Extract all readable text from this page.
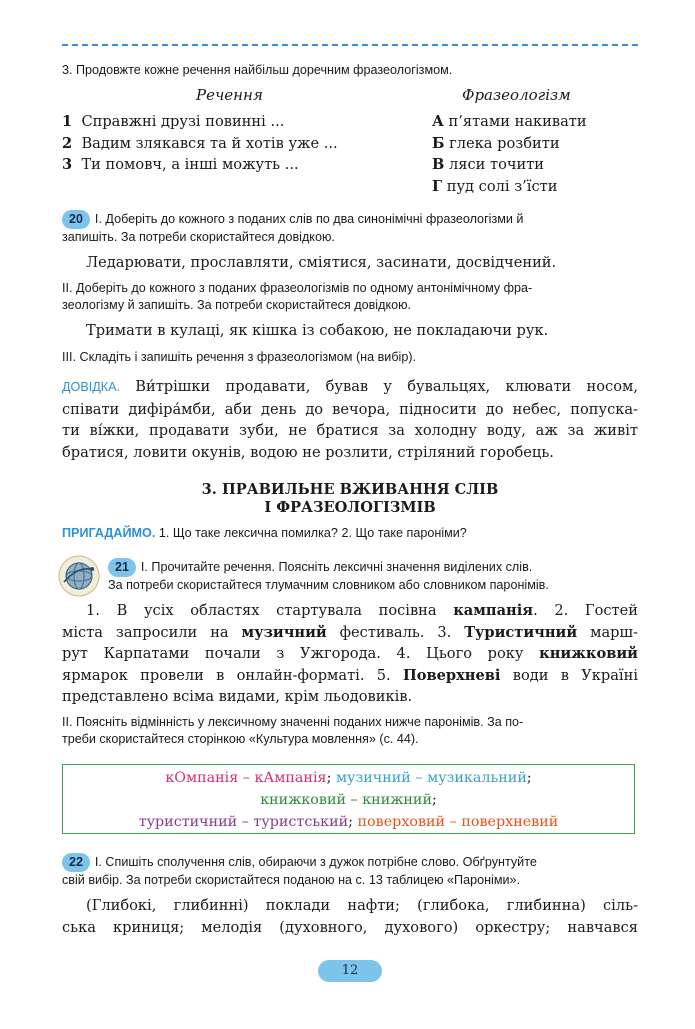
3. Продовжте кожне речення найбільш доречним фразеологізмом.
Речення	Фразеологізм
1 Справжні друзі повинні ...
2 Вадим злякався та й хотів уже ...
3 Ти помовч, а інші можуть ...
А п’ятами накивати
Б глека розбити
В ляси точити
Г пуд солі з’їсти
20 I. Доберіть до кожного з поданих слів по два синонімічні фразеологізми й
запишіть. За потреби скористайтеся довідкою.
Ледарювати, прославляти, сміятися, засинати, досвідчений.
II. Доберіть до кожного з поданих фразеологізмів по одному антонімічному фра-
зеологізму й запишіть. За потреби скористайтеся довідкою.
Тримати в кулаці, як кішка із собакою, не покладаючи рук.
III. Складіть і запишіть речення з фразеологізмом (на вибір).
ДОВІДКА. Ви́трішки продавати, бував у бувальцях, клювати носом,
співати дифіра́мби, аби день до вечора, підносити до небес, попуска-
ти ві́жки, продавати зуби, не братися за холодну воду, аж за живіт
братися, ловити окунів, водою не розлити, стріляний горобець.
3. ПРАВИЛЬНЕ ВЖИВАННЯ СЛІВ
І ФРАЗЕОЛОГІЗМІВ
ПРИГАДАЙМО. 1. Що таке лексична помилка? 2. Що таке пароніми?
21 I. Прочитайте речення. Поясніть лексичні значення виділених слів.
За потреби скористайтеся тлумачним словником або словником паронімів.
1. В усіх областях стартувала посівна кампанія. 2. Гостей
міста запросили на музичний фестиваль. 3. Туристичний марш-
рут Карпатами почали з Ужгорода. 4. Цього року книжковий
ярмарок провели в онлайн-форматі. 5. Поверхневі води в Україні
представлено всіма видами, крім льодовиків.
II. Поясніть відмінність у лексичному значенні поданих нижче паронімів. За по-
треби скористайтеся сторінкою «Культура мовлення» (с. 44).
кОмпанія – кАмпанія; музичний – музикальний;
книжковий – книжний;
туристичний – туристський; поверховий – поверхневий
22 I. Спишіть сполучення слів, обираючи з дужок потрібне слово. Обґрунтуйте
свій вибір. За потреби скористайтеся поданою на с. 13 таблицею «Пароніми».
(Глибокі, глибинні) поклади нафти; (глибока, глибинна) сіль-
ська криниця; мелодія (духовного, духового) оркестру; навчався
12
